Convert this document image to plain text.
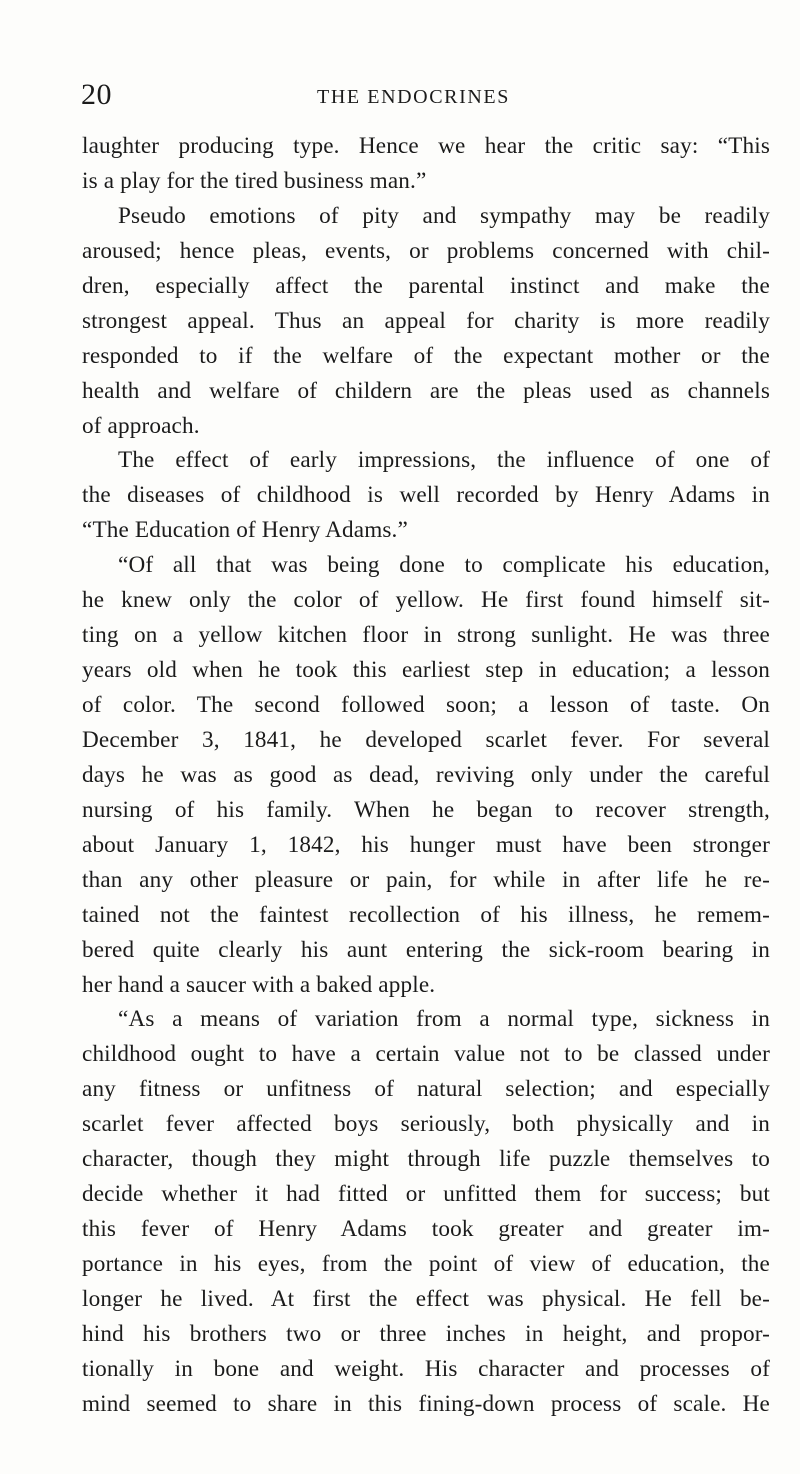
20	THE ENDOCRINES
laughter producing type. Hence we hear the critic say: “This
is a play for the tired business man.”
Pseudo emotions of pity and sympathy may be readily
aroused; hence pleas, events, or problems concerned with chil-
dren, especially affect the parental instinct and make the
strongest appeal. Thus an appeal for charity is more readily
responded to if the welfare of the expectant mother or the
health and welfare of childern are the pleas used as channels
of approach.
The effect of early impressions, the influence of one of
the diseases of childhood is well recorded by Henry Adams in
“The Education of Henry Adams.”
“Of all that was being done to complicate his education,
he knew only the color of yellow. He first found himself sit-
ting on a yellow kitchen floor in strong sunlight. He was three
years old when he took this earliest step in education; a lesson
of color. The second followed soon; a lesson of taste. On
December 3, 1841, he developed scarlet fever. For several
days he was as good as dead, reviving only under the careful
nursing of his family. When he began to recover strength,
about January 1, 1842, his hunger must have been stronger
than any other pleasure or pain, for while in after life he re-
tained not the faintest recollection of his illness, he remem-
bered quite clearly his aunt entering the sick-room bearing in
her hand a saucer with a baked apple.
“As a means of variation from a normal type, sickness in
childhood ought to have a certain value not to be classed under
any fitness or unfitness of natural selection; and especially
scarlet fever affected boys seriously, both physically and in
character, though they might through life puzzle themselves to
decide whether it had fitted or unfitted them for success; but
this fever of Henry Adams took greater and greater im-
portance in his eyes, from the point of view of education, the
longer he lived. At first the effect was physical. He fell be-
hind his brothers two or three inches in height, and propor-
tionally in bone and weight. His character and processes of
mind seemed to share in this fining-down process of scale. He
